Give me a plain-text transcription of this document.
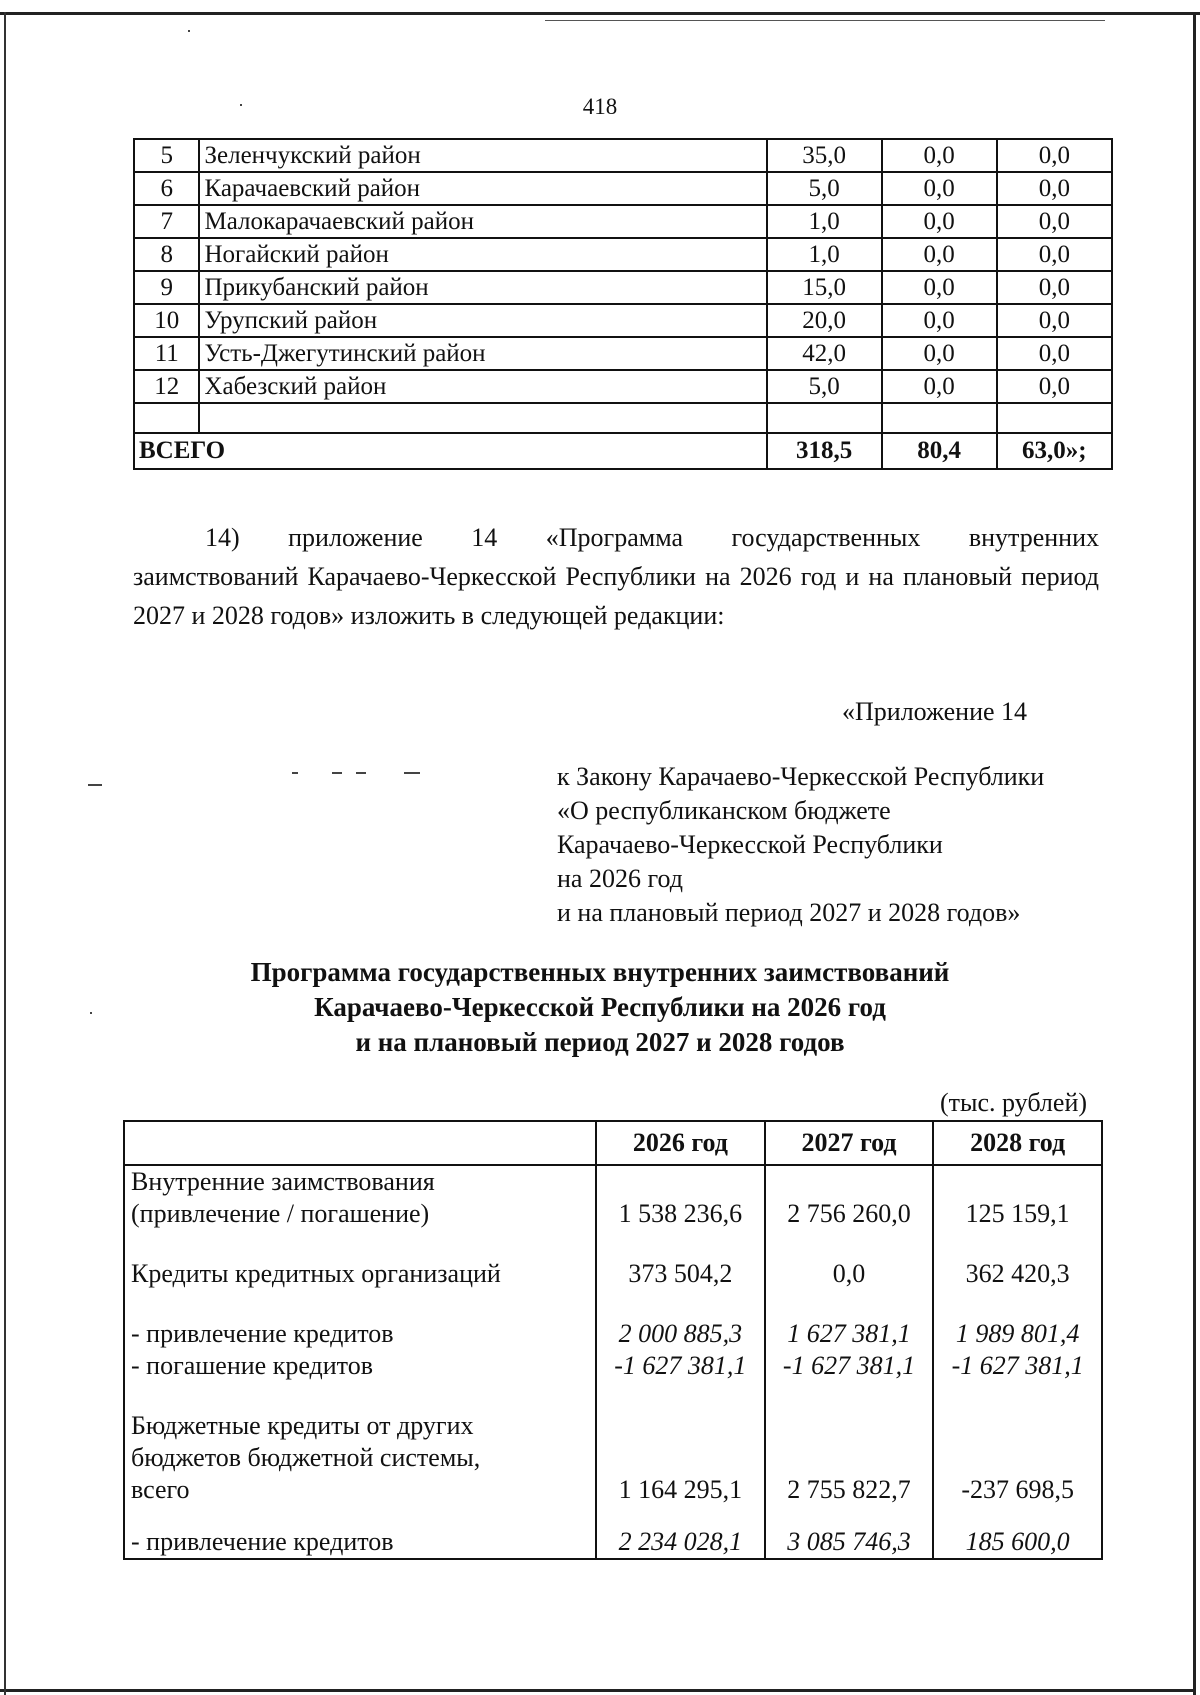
418
5	Зеленчукский район	35,0	0,0	0,0
6	Карачаевский район	5,0	0,0	0,0
7	Малокарачаевский район	1,0	0,0	0,0
8	Ногайский район	1,0	0,0	0,0
9	Прикубанский район	15,0	0,0	0,0
10	Урупский район	20,0	0,0	0,0
11	Усть-Джегутинский район	42,0	0,0	0,0
12	Хабезский район	5,0	0,0	0,0

ВСЕГО		318,5	80,4	63,0»;
14) приложение 14 «Программа государственных внутренних
заимствований Карачаево-Черкесской Республики на 2026 год и на плановый период 2027 и 2028 годов» изложить в следующей редакции:
«Приложение 14
к Закону Карачаево-Черкесской Республики
«О республиканском бюджете
Карачаево-Черкесской Республики
на 2026 год
и на плановый период 2027 и 2028 годов»
Программа государственных внутренних заимствований
Карачаево-Черкесской Республики на 2026 год
и на плановый период 2027 и 2028 годов
(тыс. рублей)
	2026 год	2027 год	2028 год

Внутренние заимствования
(привлечение / погашение)	1 538 236,6	2 756 260,0	125 159,1

Кредиты кредитных организаций	373 504,2	0,0	362 420,3

- привлечение кредитов	2 000 885,3	1 627 381,1	1 989 801,4

- погашение кредитов	-1 627 381,1	-1 627 381,1	-1 627 381,1

Бюджетные кредиты от других
бюджетов бюджетной системы,
всего	1 164 295,1	2 755 822,7	-237 698,5

- привлечение кредитов	2 234 028,1	3 085 746,3	185 600,0
